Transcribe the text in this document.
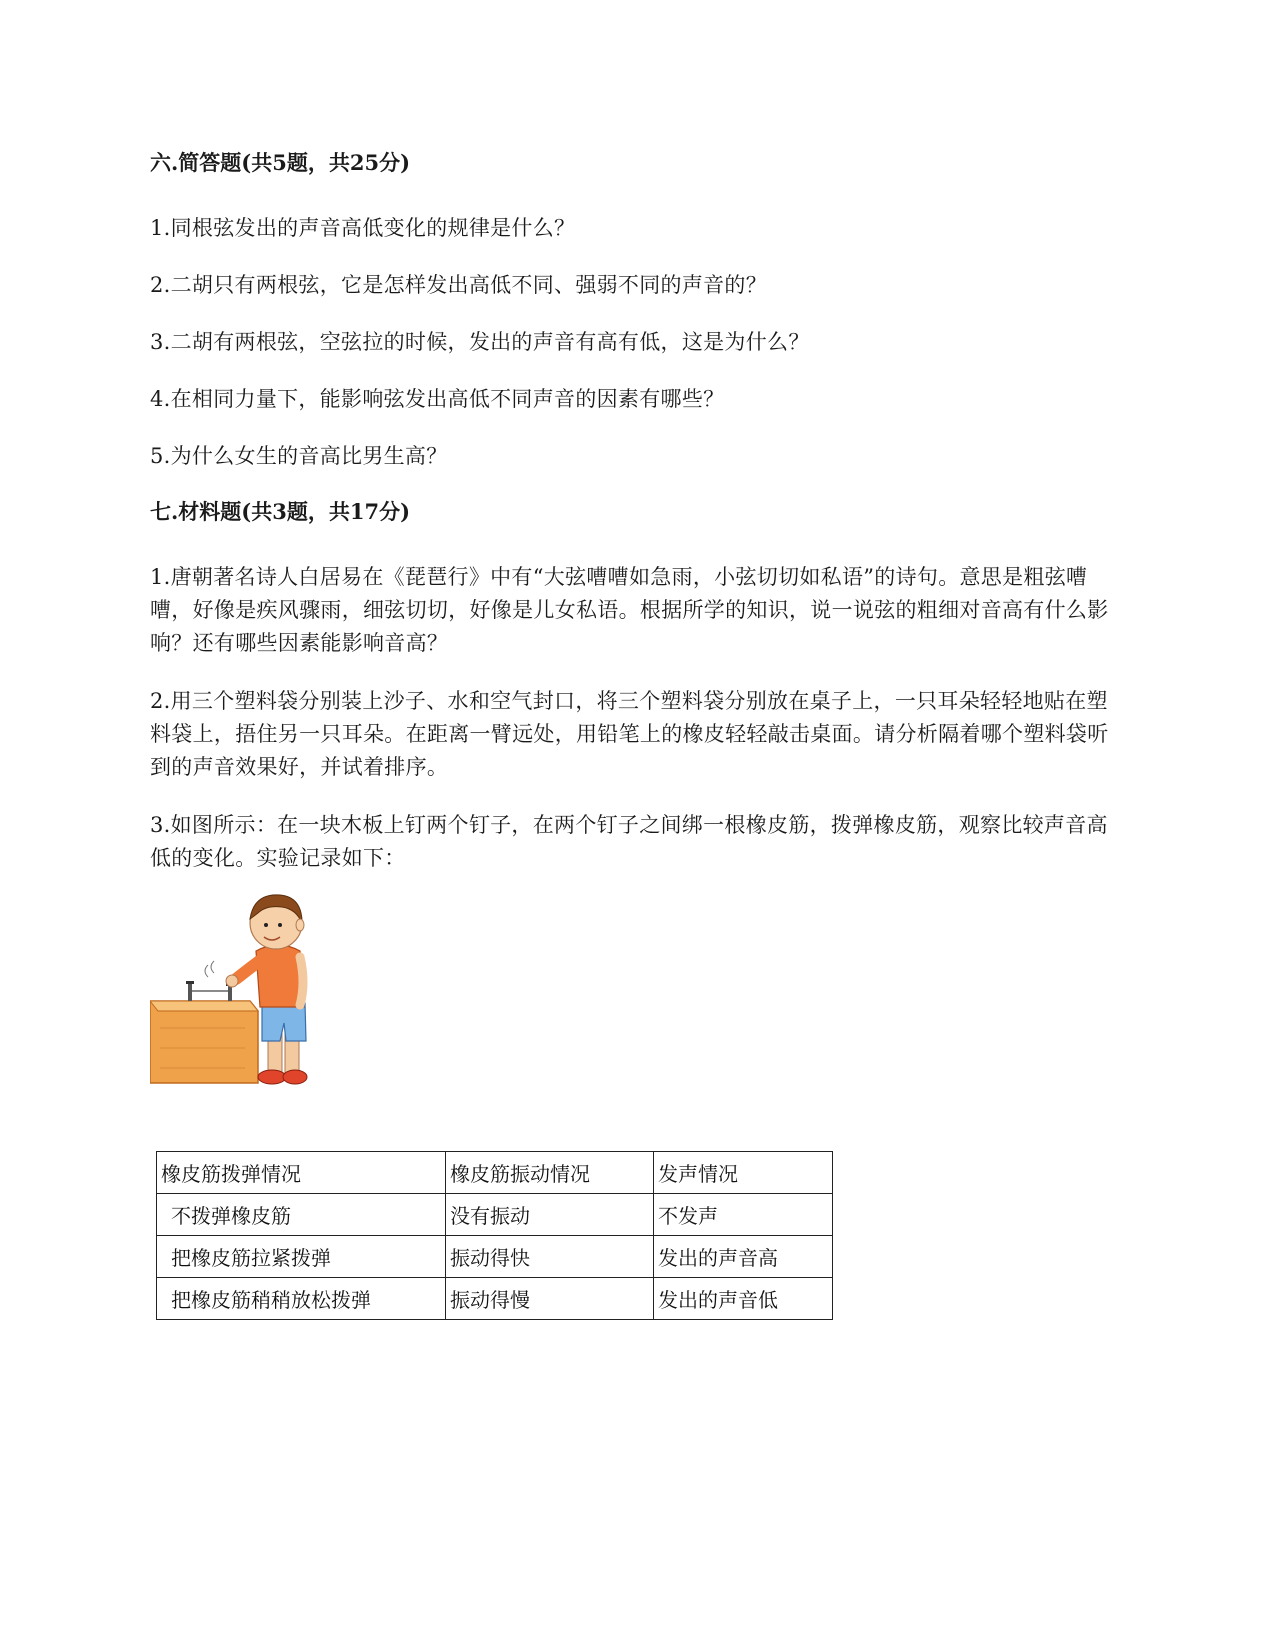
六.简答题(共5题，共25分)

1.同根弦发出的声音高低变化的规律是什么？

2.二胡只有两根弦，它是怎样发出高低不同、强弱不同的声音的？

3.二胡有两根弦，空弦拉的时候，发出的声音有高有低，这是为什么？

4.在相同力量下，能影响弦发出高低不同声音的因素有哪些？

5.为什么女生的音高比男生高？

七.材料题(共3题，共17分)

1.唐朝著名诗人白居易在《琵琶行》中有“大弦嘈嘈如急雨，小弦切切如私语”的诗句。意思是粗弦嘈嘈，好像是疾风骤雨，细弦切切，好像是儿女私语。根据所学的知识，说一说弦的粗细对音高有什么影响？还有哪些因素能影响音高？

2.用三个塑料袋分别装上沙子、水和空气封口，将三个塑料袋分别放在桌子上，一只耳朵轻轻地贴在塑料袋上，捂住另一只耳朵。在距离一臂远处，用铅笔上的橡皮轻轻敲击桌面。请分析隔着哪个塑料袋听到的声音效果好，并试着排序。

3.如图所示：在一块木板上钉两个钉子，在两个钉子之间绑一根橡皮筋，拨弹橡皮筋，观察比较声音高低的变化。实验记录如下：

橡皮筋拨弹情况	橡皮筋振动情况	发声情况
不拨弹橡皮筋	没有振动	不发声
把橡皮筋拉紧拨弹	振动得快	发出的声音高
把橡皮筋稍稍放松拨弹	振动得慢	发出的声音低
